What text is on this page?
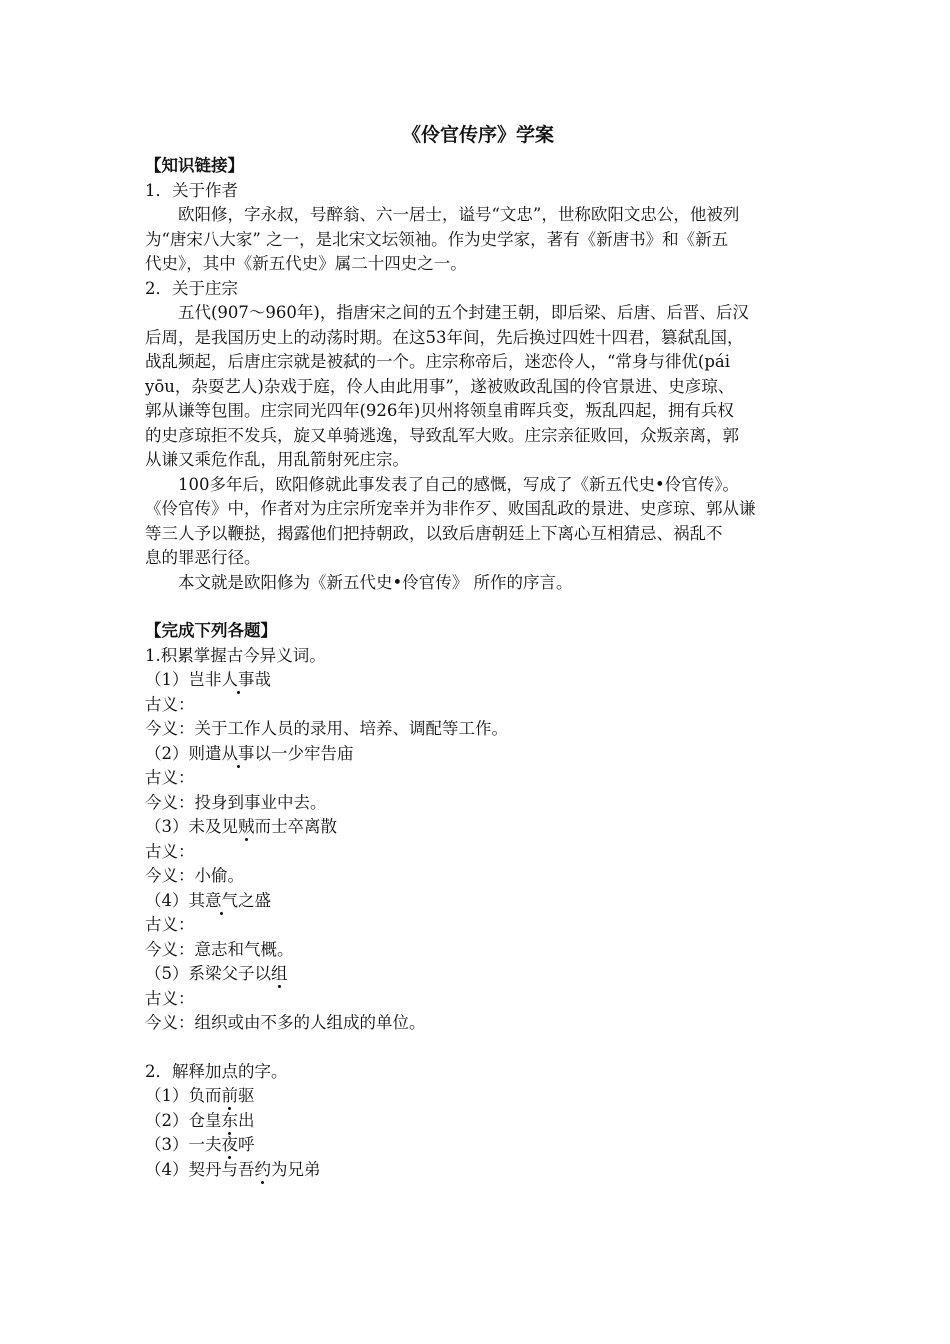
《伶官传序》学案
【知识链接】
1．关于作者
欧阳修，字永叔，号醉翁、六一居士，谥号“文忠”，世称欧阳文忠公，他被列
为“唐宋八大家” 之一，是北宋文坛领袖。作为史学家，著有《新唐书》和《新五
代史》，其中《新五代史》属二十四史之一。
2．关于庄宗
五代(907～960年)，指唐宋之间的五个封建王朝，即后梁、后唐、后晋、后汉
后周，是我国历史上的动荡时期。在这53年间，先后换过四姓十四君，篡弑乱国，
战乱频起，后唐庄宗就是被弑的一个。庄宗称帝后，迷恋伶人，“常身与徘优(pái
yōu，杂耍艺人)杂戏于庭，伶人由此用事”，遂被败政乱国的伶官景进、史彦琼、
郭从谦等包围。庄宗同光四年(926年)贝州将领皇甫晖兵变，叛乱四起，拥有兵权
的史彦琼拒不发兵，旋又单骑逃逸，导致乱军大败。庄宗亲征败回，众叛亲离，郭
从谦又乘危作乱，用乱箭射死庄宗。
100多年后，欧阳修就此事发表了自己的感慨，写成了《新五代史•伶官传》。
《伶官传》中，作者对为庄宗所宠幸并为非作歹、败国乱政的景进、史彦琼、郭从谦
等三人予以鞭挞，揭露他们把持朝政，以致后唐朝廷上下离心互相猜忌、祸乱不
息的罪恶行径。
本文就是欧阳修为《新五代史•伶官传》 所作的序言。
【完成下列各题】
1.积累掌握古今异义词。
（1）岂非人事哉
古义：
今义：关于工作人员的录用、培养、调配等工作。
（2）则遣从事以一少牢告庙
古义：
今义：投身到事业中去。
（3）未及见贼而士卒离散
古义：
今义：小偷。
（4）其意气之盛
古义：
今义：意志和气概。
（5）系梁父子以组
古义：
今义：组织或由不多的人组成的单位。
2．解释加点的字。
（1）负而前驱
（2）仓皇东出
（3）一夫夜呼
（4）契丹与吾约为兄弟
